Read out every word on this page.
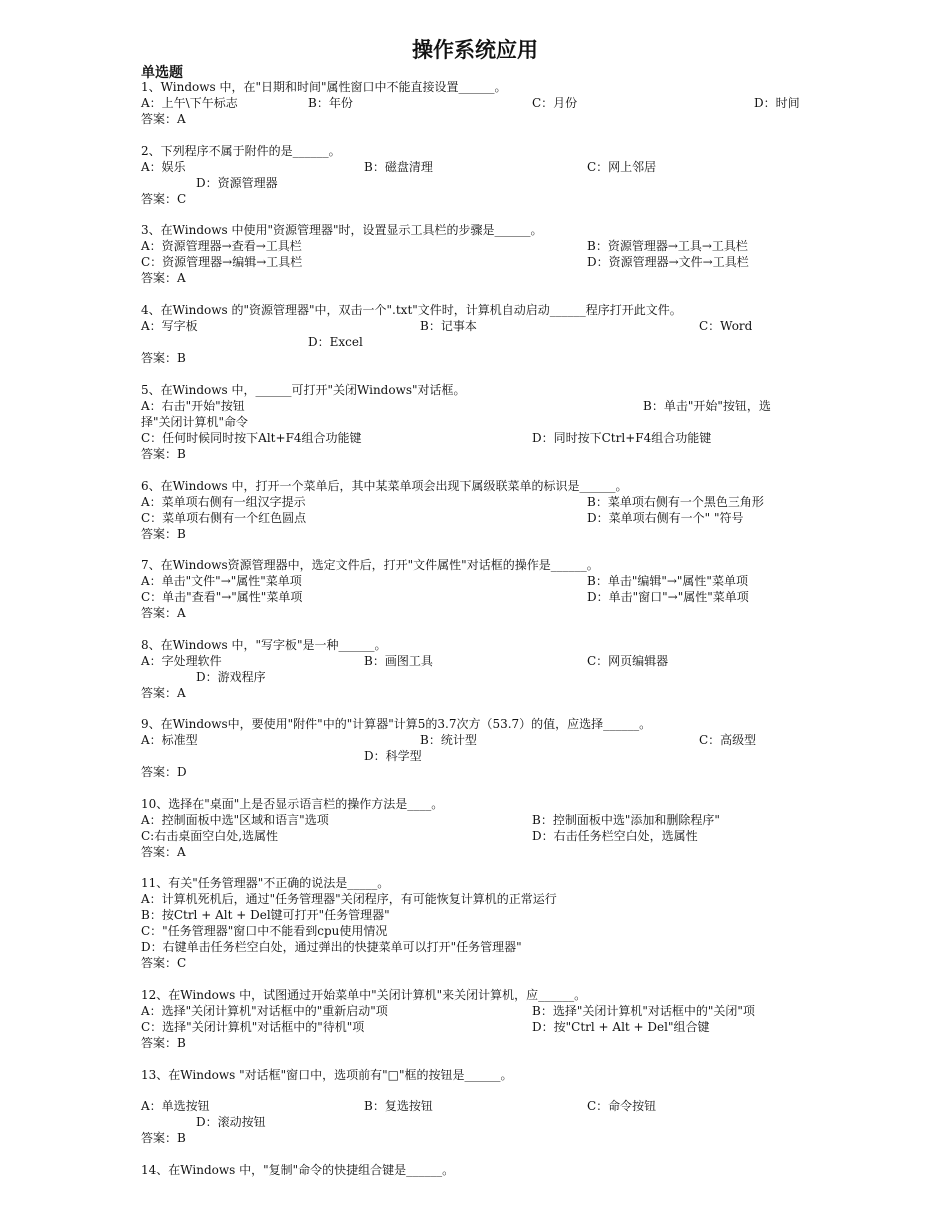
操作系统应用
单选题
1、Windows 中，在"日期和时间"属性窗口中不能直接设置______。
A：上午\下午标志	B：年份	C：月份	D：时间
答案：A
2、下列程序不属于附件的是______。
A：娱乐	B：磁盘清理	C：网上邻居
D：资源管理器
答案：C
3、在Windows 中使用"资源管理器"时，设置显示工具栏的步骤是______。
A：资源管理器→查看→工具栏	B：资源管理器→工具→工具栏
C：资源管理器→编辑→工具栏	D：资源管理器→文件→工具栏
答案：A
4、在Windows 的"资源管理器"中，双击一个".txt"文件时，计算机自动启动______程序打开此文件。
A：写字板	B：记事本	C：Word
D：Excel
答案：B
5、在Windows 中，______可打开"关闭Windows"对话框。
A：右击"开始"按钮	B：单击"开始"按钮，选
择"关闭计算机"命令
C：任何时候同时按下Alt+F4组合功能键	D：同时按下Ctrl+F4组合功能键
答案：B
6、在Windows 中，打开一个菜单后，其中某菜单项会出现下属级联菜单的标识是______。
A：菜单项右侧有一组汉字提示	B：菜单项右侧有一个黑色三角形
C：菜单项右侧有一个红色圆点	D：菜单项右侧有一个" "符号
答案：B
7、在Windows资源管理器中，选定文件后，打开"文件属性"对话框的操作是______。
A：单击"文件"→"属性"菜单项	B：单击"编辑"→"属性"菜单项
C：单击"查看"→"属性"菜单项	D：单击"窗口"→"属性"菜单项
答案：A
8、在Windows 中，"写字板"是一种______。
A：字处理软件	B：画图工具	C：网页编辑器
D：游戏程序
答案：A
9、在Windows中，要使用"附件"中的"计算器"计算5的3.7次方（53.7）的值，应选择______。
A：标准型	B：统计型	C：高级型
D：科学型
答案：D
10、选择在"桌面"上是否显示语言栏的操作方法是____。
A：控制面板中选"区域和语言"选项	B：控制面板中选"添加和删除程序"
C:右击桌面空白处,选属性	D：右击任务栏空白处，选属性
答案：A
11、有关"任务管理器"不正确的说法是_____。
A：计算机死机后，通过"任务管理器"关闭程序，有可能恢复计算机的正常运行
B：按Ctrl + Alt + Del键可打开"任务管理器"
C："任务管理器"窗口中不能看到cpu使用情况
D：右键单击任务栏空白处，通过弹出的快捷菜单可以打开"任务管理器"
答案：C
12、在Windows 中，试图通过开始菜单中"关闭计算机"来关闭计算机，应______。
A：选择"关闭计算机"对话框中的"重新启动"项	B：选择"关闭计算机"对话框中的"关闭"项
C：选择"关闭计算机"对话框中的"待机"项	D：按"Ctrl + Alt + Del"组合键
答案：B
13、在Windows "对话框"窗口中，选项前有"□"框的按钮是______。
A：单选按钮	B：复选按钮	C：命令按钮
D：滚动按钮
答案：B
14、在Windows 中，"复制"命令的快捷组合键是______。
